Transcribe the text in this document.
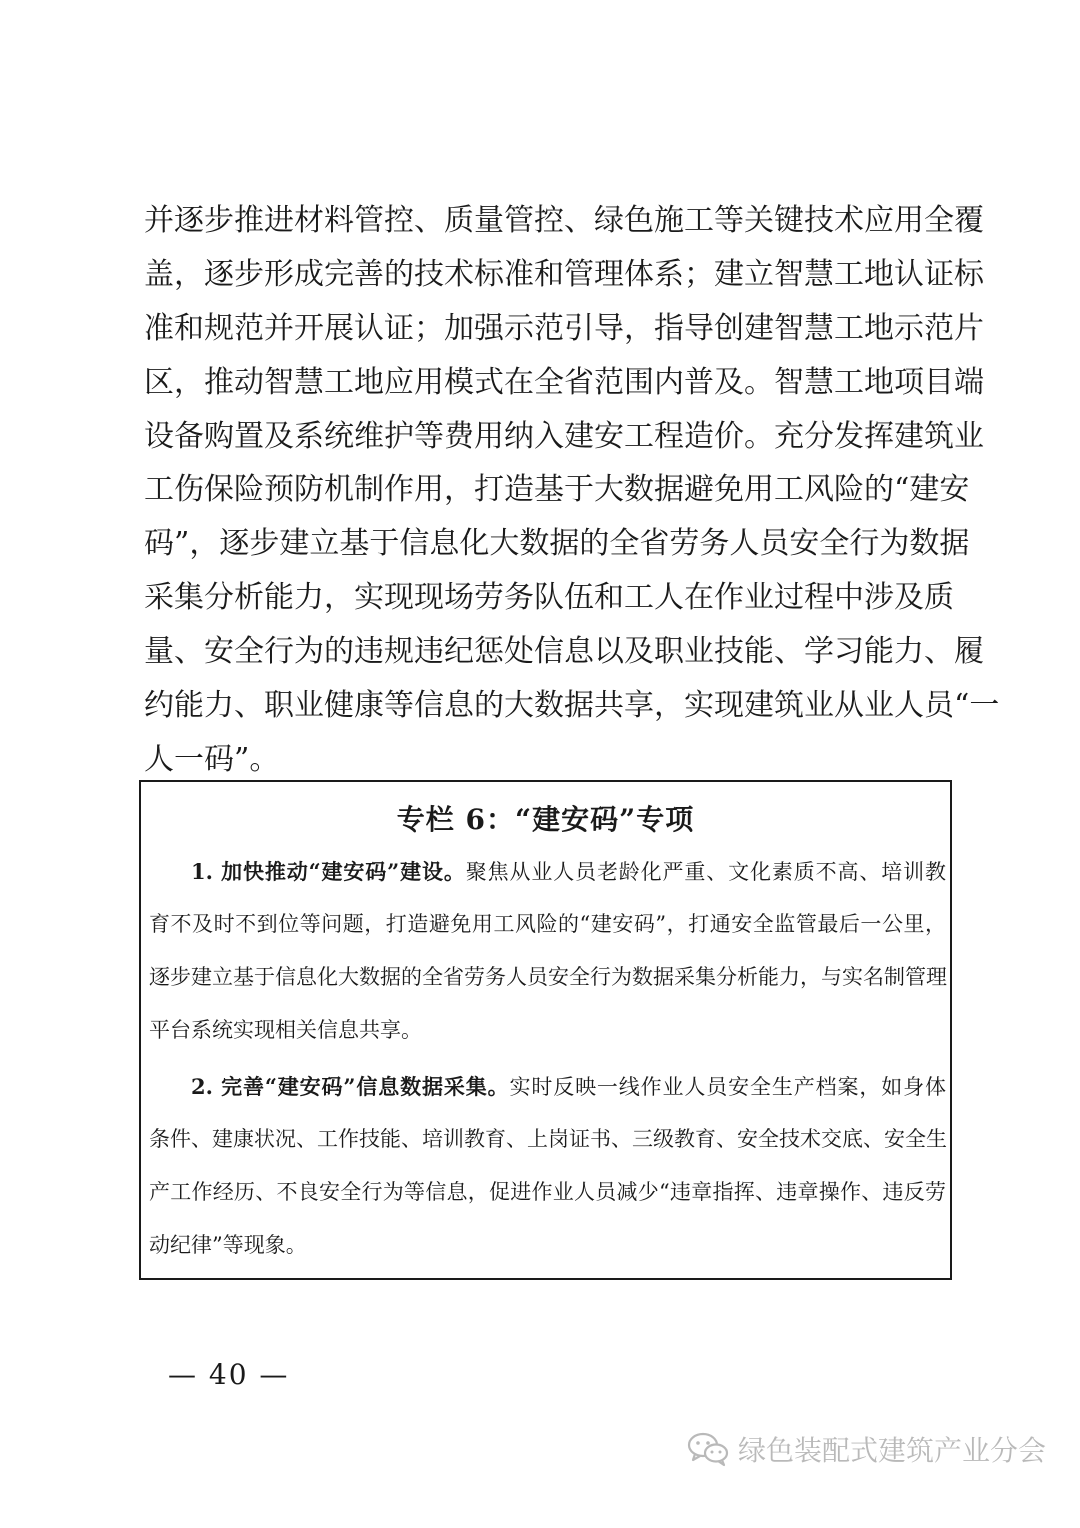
并逐步推进材料管控、质量管控、绿色施工等关键技术应用全覆
盖，逐步形成完善的技术标准和管理体系；建立智慧工地认证标
准和规范并开展认证；加强示范引导，指导创建智慧工地示范片
区，推动智慧工地应用模式在全省范围内普及。智慧工地项目端
设备购置及系统维护等费用纳入建安工程造价。充分发挥建筑业
工伤保险预防机制作用，打造基于大数据避免用工风险的“建安
码”，逐步建立基于信息化大数据的全省劳务人员安全行为数据
采集分析能力，实现现场劳务队伍和工人在作业过程中涉及质
量、安全行为的违规违纪惩处信息以及职业技能、学习能力、履
约能力、职业健康等信息的大数据共享，实现建筑业从业人员“一
人一码”。
专栏 6：“建安码”专项
1. 加快推动“建安码”建设。聚焦从业人员老龄化严重、文化素质不高、培训教
育不及时不到位等问题，打造避免用工风险的“建安码”，打通安全监管最后一公里，
逐步建立基于信息化大数据的全省劳务人员安全行为数据采集分析能力，与实名制管理
平台系统实现相关信息共享。
2. 完善“建安码”信息数据采集。实时反映一线作业人员安全生产档案，如身体
条件、建康状况、工作技能、培训教育、上岗证书、三级教育、安全技术交底、安全生
产工作经历、不良安全行为等信息，促进作业人员减少“违章指挥、违章操作、违反劳
动纪律”等现象。
— 40 —
绿色装配式建筑产业分会
